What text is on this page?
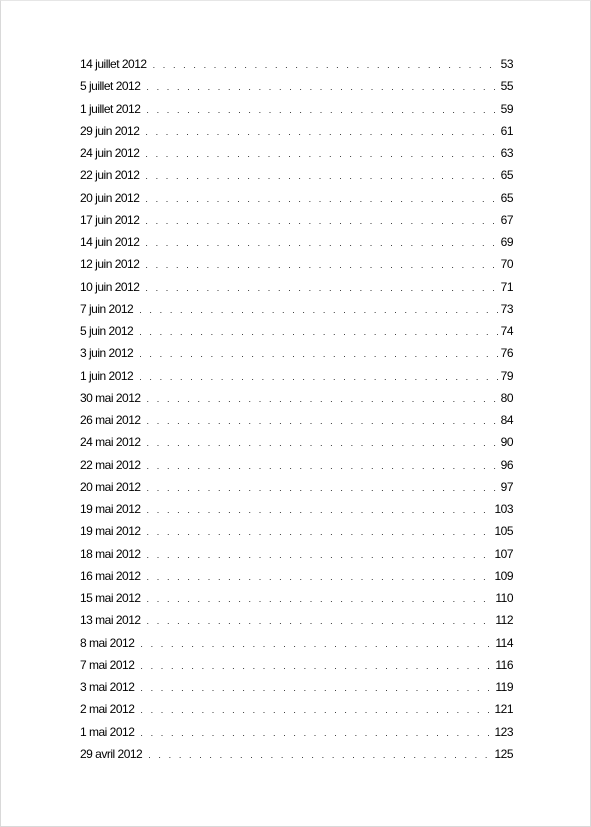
14 juillet 2012 . . .	53
5 juillet 2012 . . .	55
1 juillet 2012 . . .	59
29 juin 2012 . . .	61
24 juin 2012 . . .	63
22 juin 2012 . . .	65
20 juin 2012 . . .	65
17 juin 2012 . . .	67
14 juin 2012 . . .	69
12 juin 2012 . . .	70
10 juin 2012 . . .	71
7 juin 2012 . . .	73
5 juin 2012 . . .	74
3 juin 2012 . . .	76
1 juin 2012 . . .	79
30 mai 2012 . . .	80
26 mai 2012 . . .	84
24 mai 2012 . . .	90
22 mai 2012 . . .	96
20 mai 2012 . . .	97
19 mai 2012 . . .	103
19 mai 2012 . . .	105
18 mai 2012 . . .	107
16 mai 2012 . . .	109
15 mai 2012 . . .	110
13 mai 2012 . . .	112
8 mai 2012 . . .	114
7 mai 2012 . . .	116
3 mai 2012 . . .	119
2 mai 2012 . . .	121
1 mai 2012 . . .	123
29 avril 2012 . . .	125
